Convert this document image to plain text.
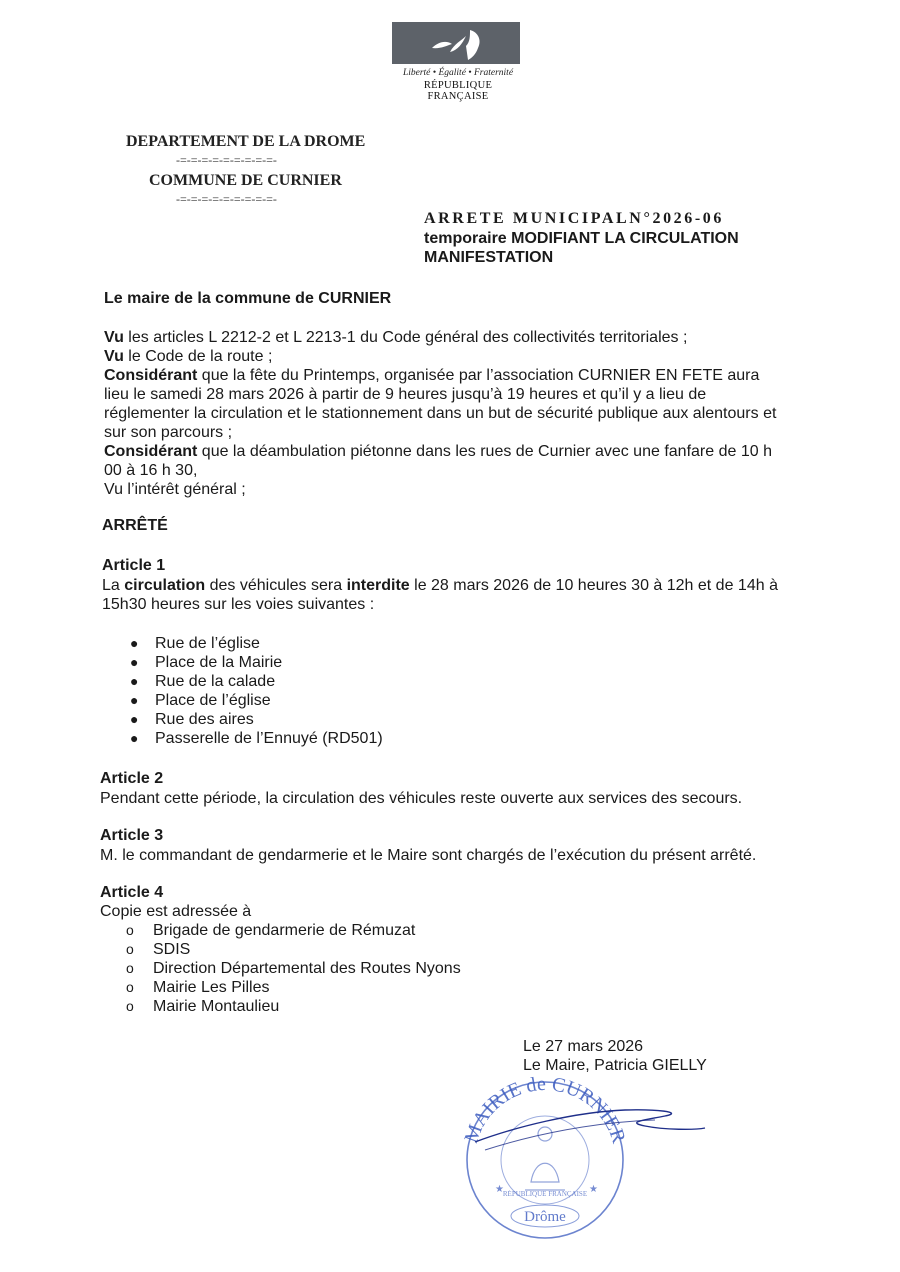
Liberté • Égalité • Fraternité
RÉPUBLIQUE FRANÇAISE
DEPARTEMENT DE LA DROME
-=-=-=-=-=-=-=-=-=-
COMMUNE DE CURNIER
-=-=-=-=-=-=-=-=-=-
ARRETE MUNICIPALN°2026-06
temporaire MODIFIANT LA CIRCULATION
MANIFESTATION
Le maire de la commune de CURNIER
Vu les articles L 2212-2 et L 2213-1 du Code général des collectivités territoriales ;
Vu le Code de la route ;
Considérant que la fête du Printemps, organisée par l’association CURNIER EN FETE aura
lieu le samedi 28 mars 2026 à partir de 9 heures jusqu’à 19 heures et qu’il y a lieu de
réglementer la circulation et le stationnement dans un but de sécurité publique aux alentours et
sur son parcours ;
Considérant que la déambulation piétonne dans les rues de Curnier avec une fanfare de 10 h
00 à 16 h 30,
Vu l’intérêt général ;
ARRÊTÉ
Article 1
La circulation des véhicules sera interdite le 28 mars 2026 de 10 heures 30 à 12h et de 14h à
15h30 heures sur les voies suivantes :
● Rue de l’église
● Place de la Mairie
● Rue de la calade
● Place de l’église
● Rue des aires
● Passerelle de l’Ennuyé (RD501)
Article 2
Pendant cette période, la circulation des véhicules reste ouverte aux services des secours.
Article 3
M. le commandant de gendarmerie et le Maire sont chargés de l’exécution du présent arrêté.
Article 4
Copie est adressée à
o Brigade de gendarmerie de Rémuzat
o SDIS
o Direction Départemental des Routes Nyons
o Mairie Les Pilles
o Mairie Montaulieu
Le 27 mars 2026
Le Maire, Patricia GIELLY
MAIRIE de CURNIER
RÉPUBLIQUE FRANÇAISE
★	★
Drôme
